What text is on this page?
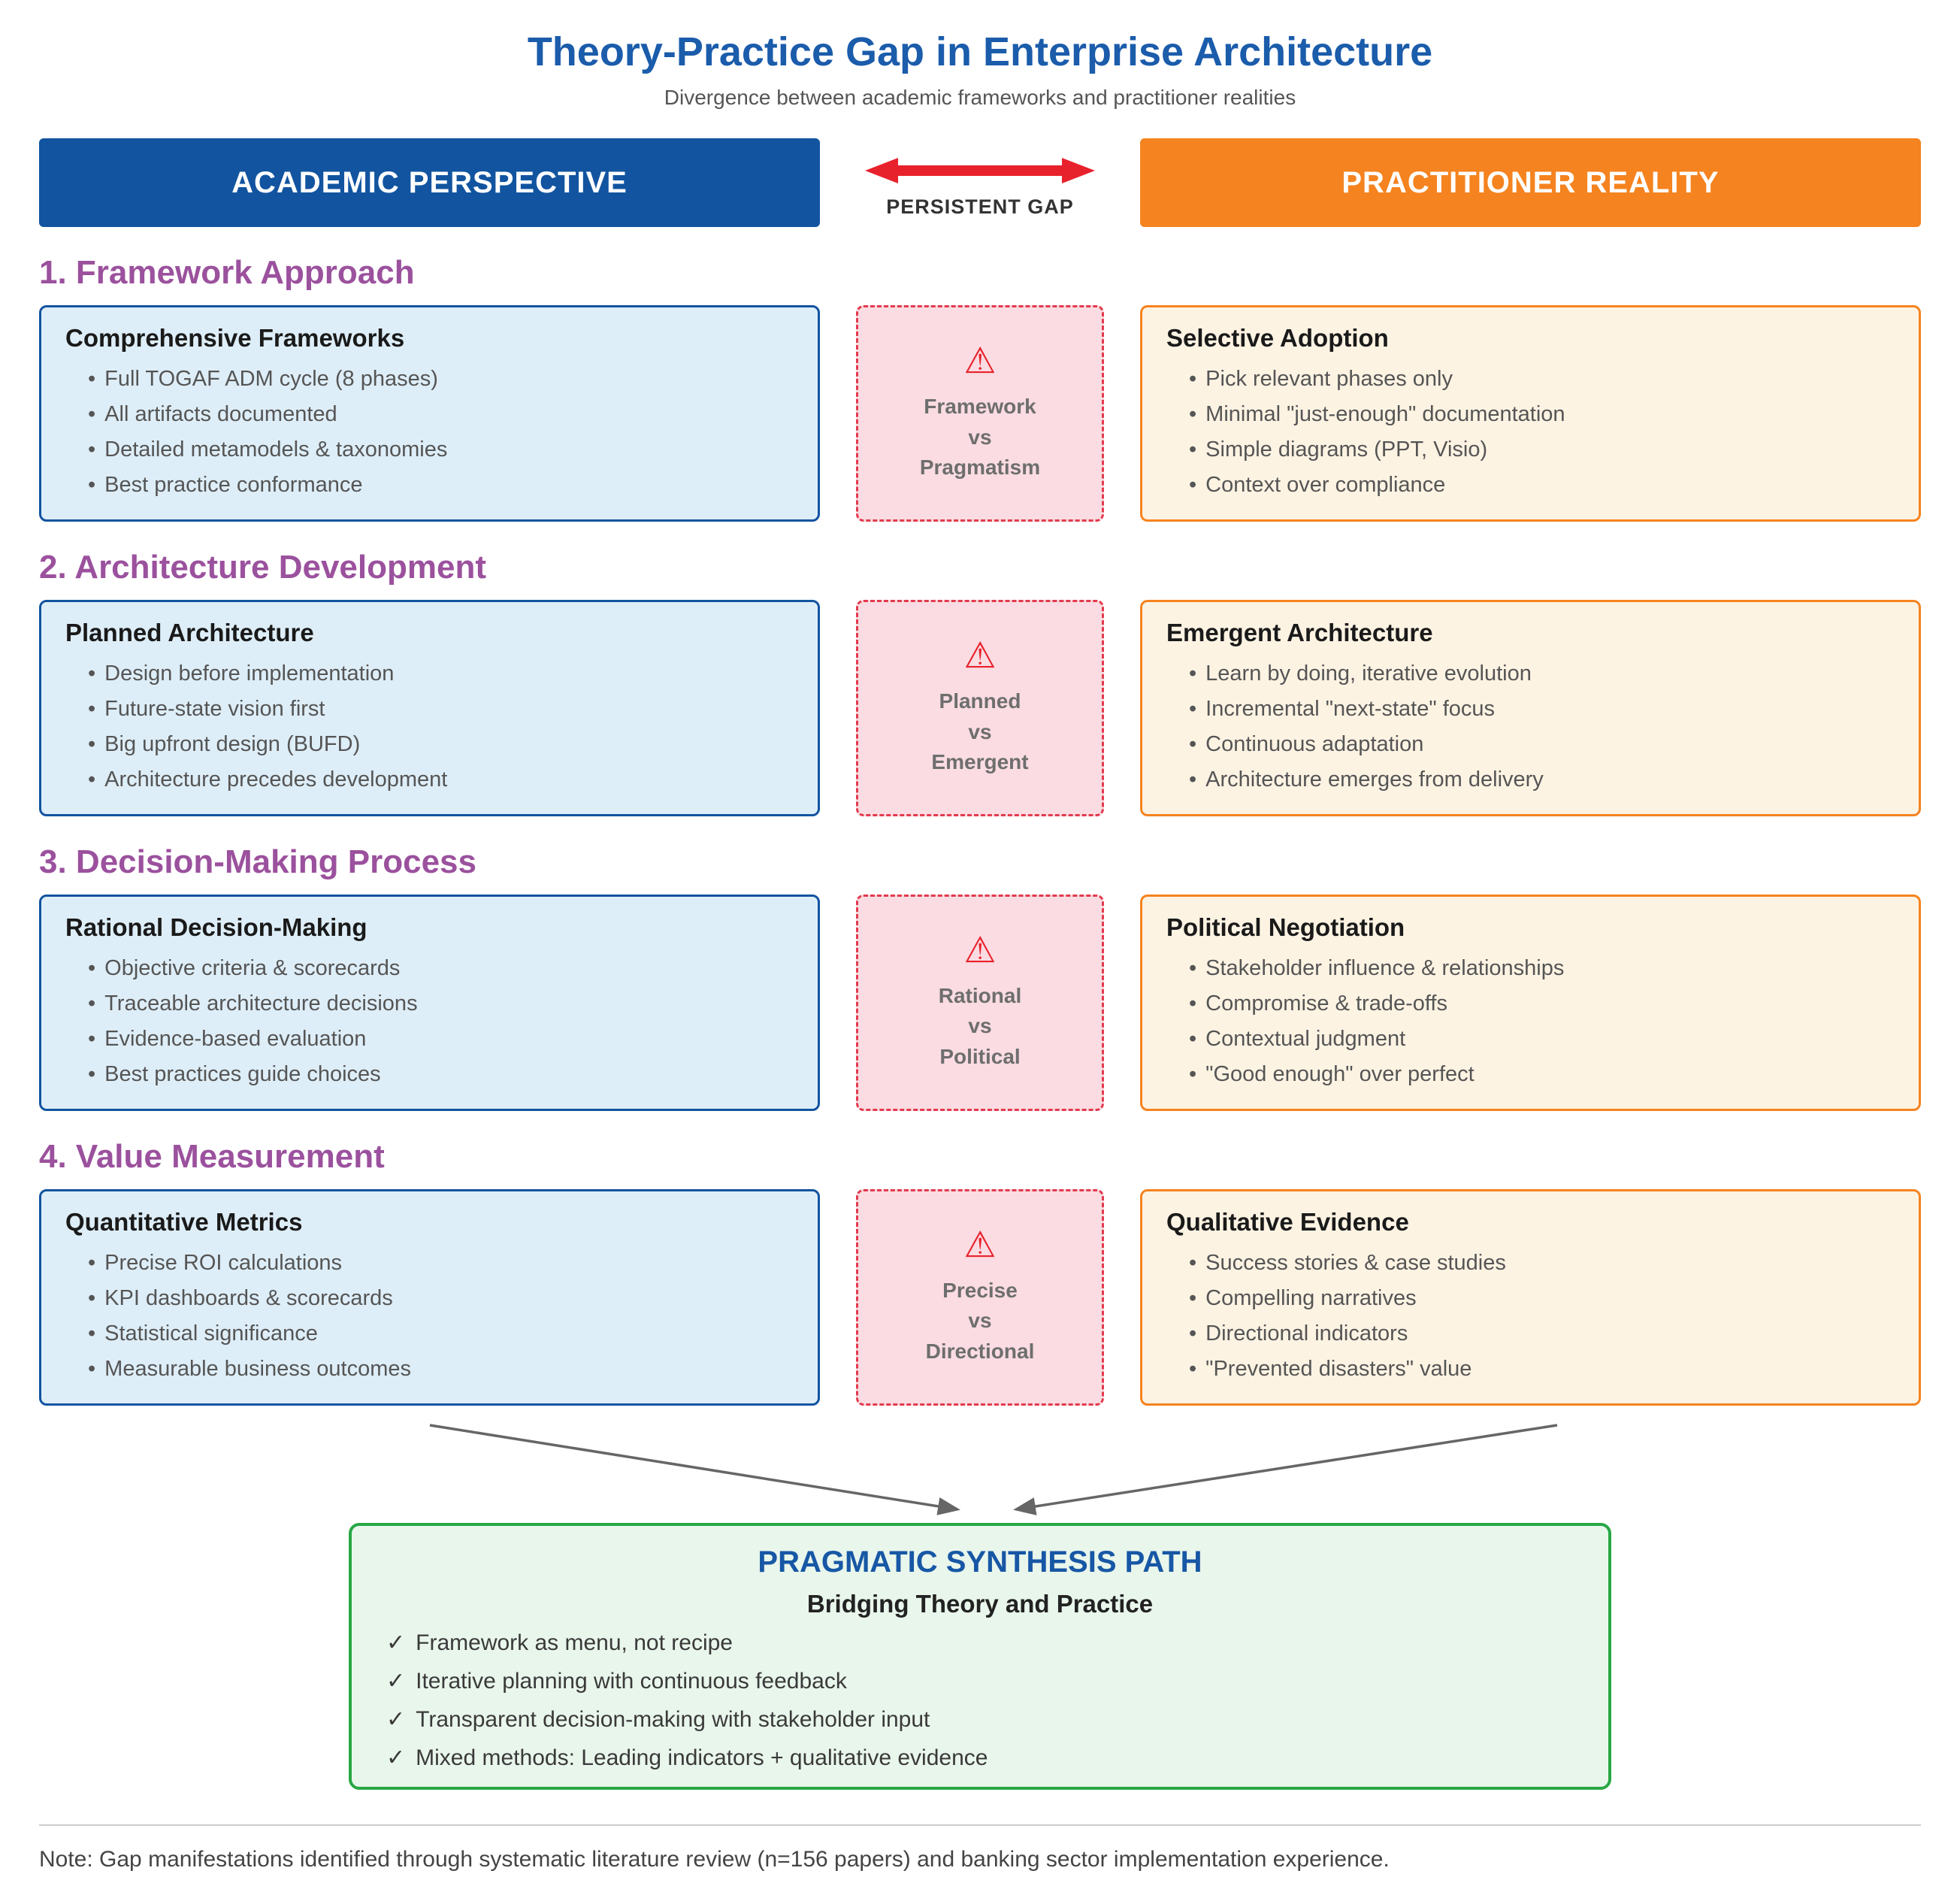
Theory-Practice Gap in Enterprise Architecture
Divergence between academic frameworks and practitioner realities
ACADEMIC PERSPECTIVE
PERSISTENT GAP
PRACTITIONER REALITY
1. Framework Approach
Comprehensive Frameworks
• Full TOGAF ADM cycle (8 phases)
• All artifacts documented
• Detailed metamodels & taxonomies
• Best practice conformance
⚠
Framework
vs
Pragmatism
Selective Adoption
• Pick relevant phases only
• Minimal "just-enough" documentation
• Simple diagrams (PPT, Visio)
• Context over compliance
2. Architecture Development
Planned Architecture
• Design before implementation
• Future-state vision first
• Big upfront design (BUFD)
• Architecture precedes development
⚠
Planned
vs
Emergent
Emergent Architecture
• Learn by doing, iterative evolution
• Incremental "next-state" focus
• Continuous adaptation
• Architecture emerges from delivery
3. Decision-Making Process
Rational Decision-Making
• Objective criteria & scorecards
• Traceable architecture decisions
• Evidence-based evaluation
• Best practices guide choices
⚠
Rational
vs
Political
Political Negotiation
• Stakeholder influence & relationships
• Compromise & trade-offs
• Contextual judgment
• "Good enough" over perfect
4. Value Measurement
Quantitative Metrics
• Precise ROI calculations
• KPI dashboards & scorecards
• Statistical significance
• Measurable business outcomes
⚠
Precise
vs
Directional
Qualitative Evidence
• Success stories & case studies
• Compelling narratives
• Directional indicators
• "Prevented disasters" value
PRAGMATIC SYNTHESIS PATH
Bridging Theory and Practice
✓ Framework as menu, not recipe
✓ Iterative planning with continuous feedback
✓ Transparent decision-making with stakeholder input
✓ Mixed methods: Leading indicators + qualitative evidence
Note: Gap manifestations identified through systematic literature review (n=156 papers) and banking sector implementation experience.
